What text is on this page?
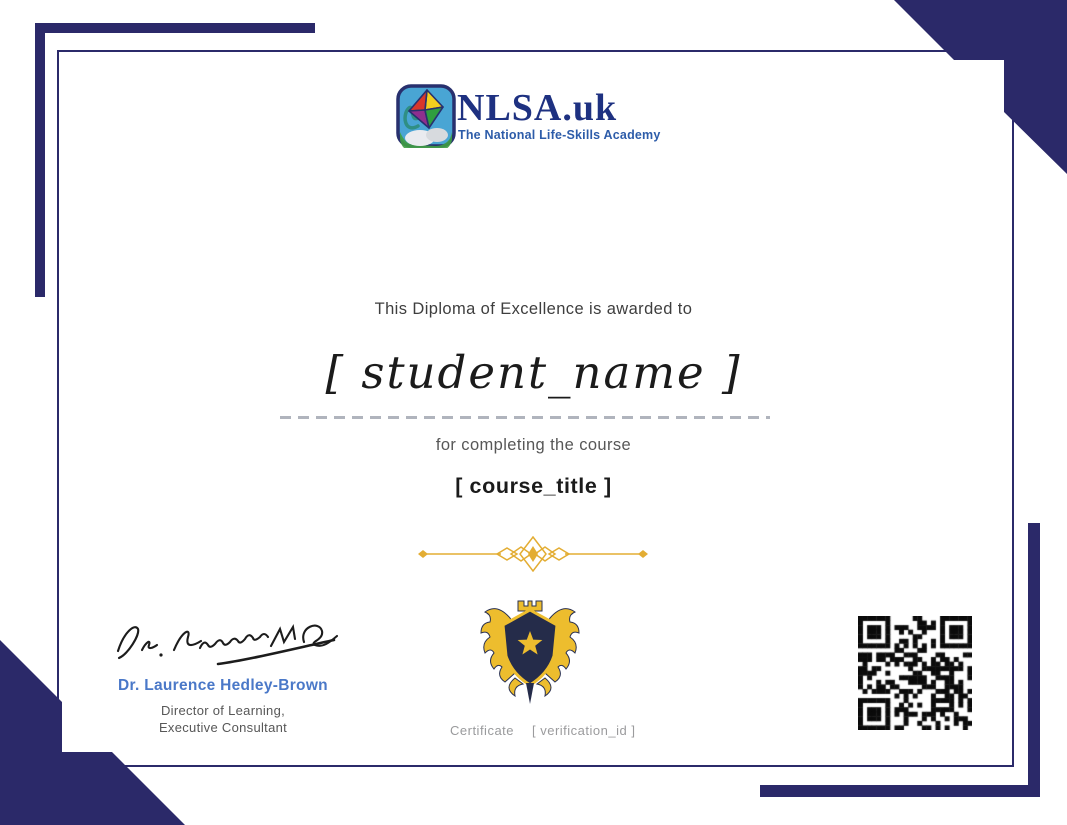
NLSA.uk
The National Life-Skills Academy
This Diploma of Excellence is awarded to
[ student_name ]
for completing the course
[ course_title ]
Dr. Laurence Hedley-Brown
Director of Learning,
Executive Consultant	Certificate [ verification_id ]
